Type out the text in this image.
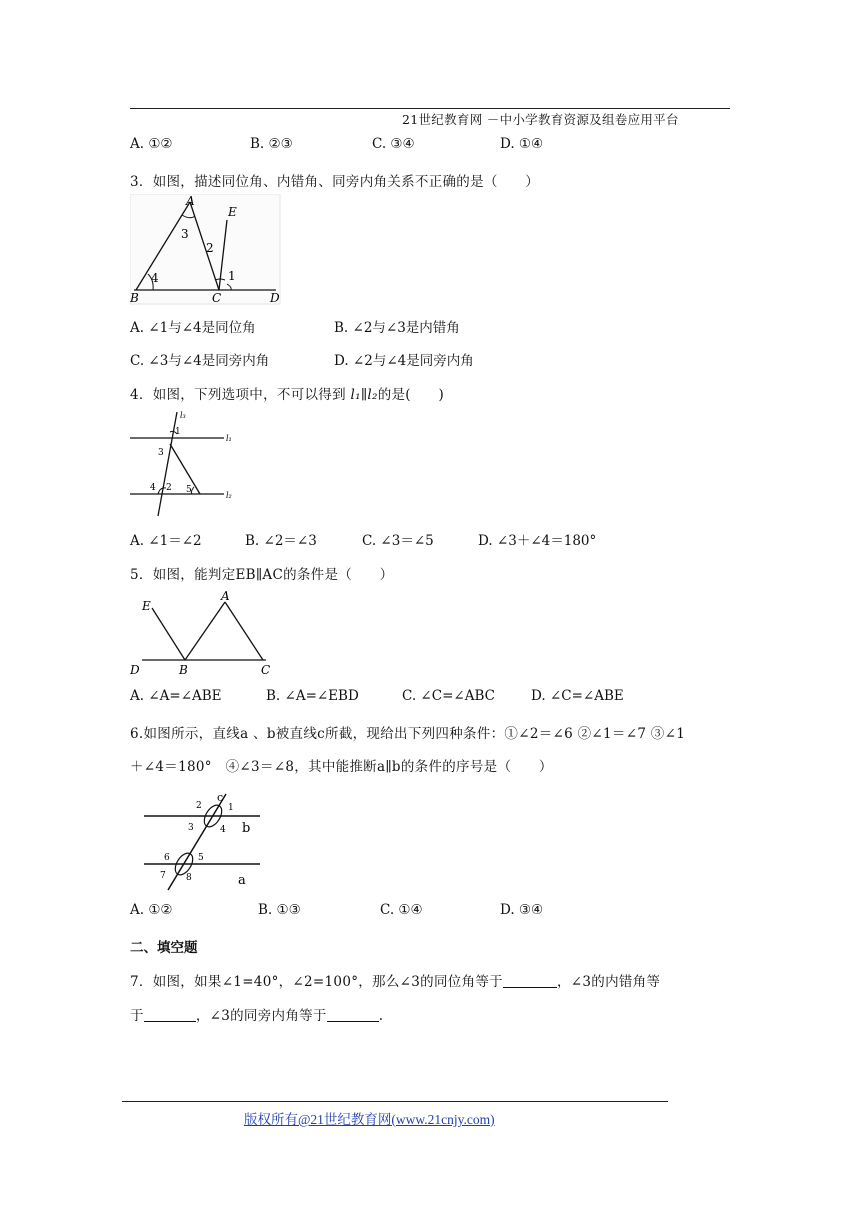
21世纪教育网 －中小学教育资源及组卷应用平台
A. ①②	B. ②③	C. ③④	D. ①④
3．如图，描述同位角、内错角、同旁内角关系不正确的是（　　）
A
E
3
2
4	1
B	C	D
A. ∠1与∠4是同位角	B. ∠2与∠3是内错角
C. ∠3与∠4是同旁内角	D. ∠2与∠4是同旁内角
4．如图，下列选项中，不可以得到 l₁∥l₂的是(　　)
l₃
1
l₁
3
4 2 5
l₂
A. ∠1＝∠2	B. ∠2＝∠3	C. ∠3＝∠5	D. ∠3＋∠4＝180°
5．如图，能判定EB∥AC的条件是（　　）
E
A
D	B	C
A. ∠A=∠ABE	B. ∠A=∠EBD	C. ∠C=∠ABC	D. ∠C=∠ABE
6.如图所示，直线a 、b被直线c所截，现给出下列四种条件：①∠2＝∠6 ②∠1＝∠7 ③∠1
＋∠4＝180°　④∠3＝∠8，其中能推断a∥b的条件的序号是（　　）
c
2	1
3	4 b
6	5
7 8	a
A. ①②	B. ①③	C. ①④	D. ③④
二、填空题
7．如图，如果∠1=40°，∠2=100°，那么∠3的同位角等于	，∠3的内错角等
于	，∠3的同旁内角等于	.
版权所有@21世纪教育网(www.21cnjy.com)
